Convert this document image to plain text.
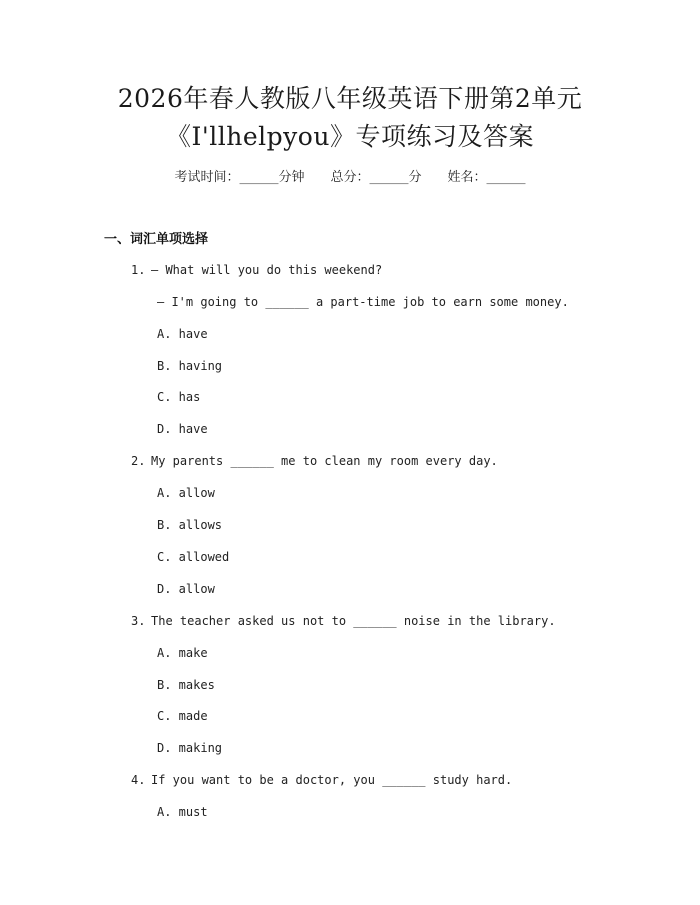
2026年春人教版八年级英语下册第2单元
《I'llhelpyou》专项练习及答案
考试时间：______分钟 总分：______分 姓名：______
一、词汇单项选择
1. — What will you do this weekend?
— I'm going to ______ a part-time job to earn some money.
A. have
B. having
C. has
D. have
2. My parents ______ me to clean my room every day.
A. allow
B. allows
C. allowed
D. allow
3. The teacher asked us not to ______ noise in the library.
A. make
B. makes
C. made
D. making
4. If you want to be a doctor, you ______ study hard.
A. must
